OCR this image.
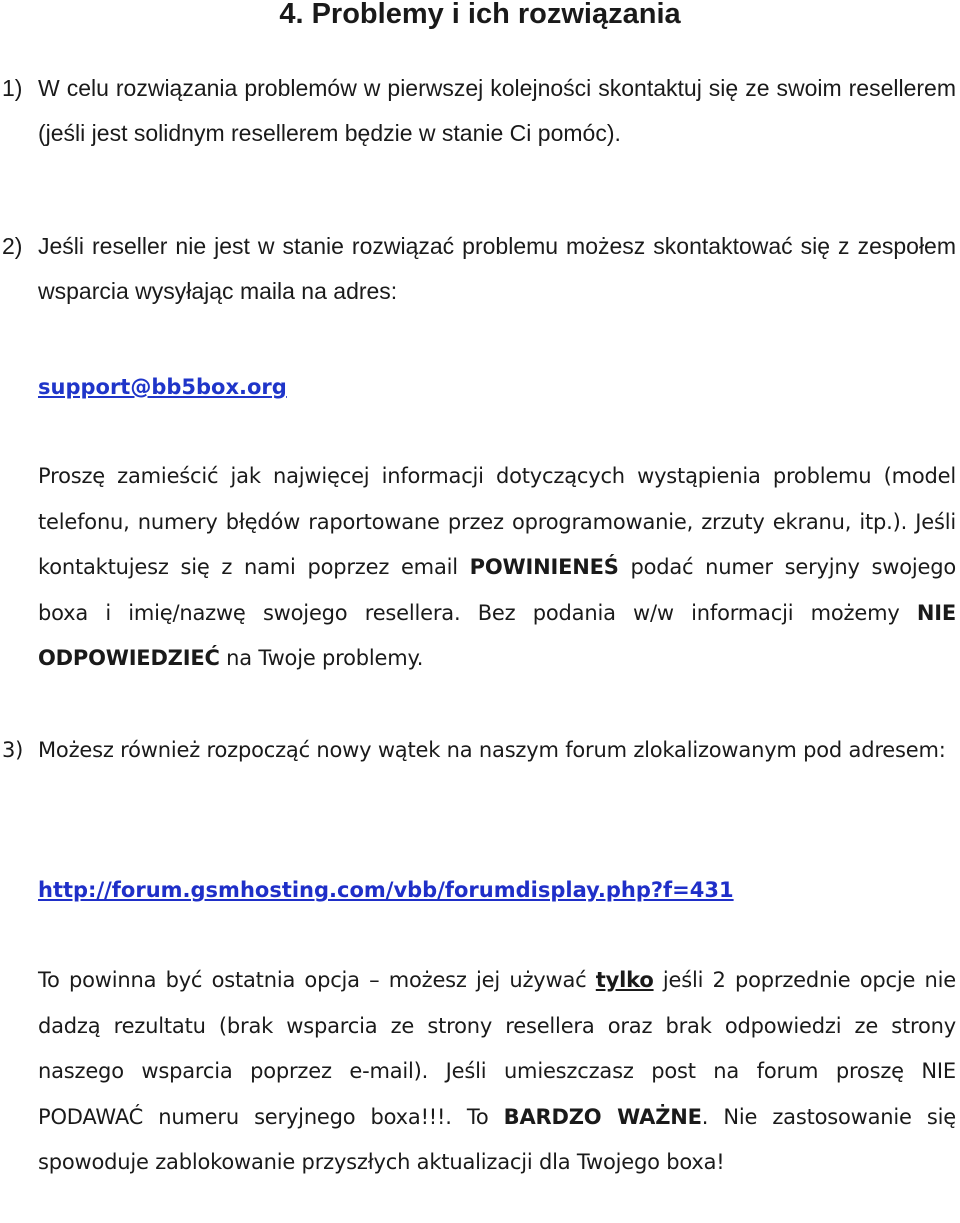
4. Problemy i ich rozwiązania

1) W celu rozwiązania problemów w pierwszej kolejności skontaktuj się ze swoim resellerem (jeśli jest solidnym resellerem będzie w stanie Ci pomóc).

2) Jeśli reseller nie jest w stanie rozwiązać problemu możesz skontaktować się z zespołem wsparcia wysyłając maila na adres:

support@bb5box.org

Proszę zamieścić jak najwięcej informacji dotyczących wystąpienia problemu (model telefonu, numery błędów raportowane przez oprogramowanie, zrzuty ekranu, itp.). Jeśli kontaktujesz się z nami poprzez email POWINIENEŚ podać numer seryjny swojego boxa i imię/nazwę swojego resellera. Bez podania w/w informacji możemy NIE ODPOWIEDZIEĆ na Twoje problemy.

3) Możesz również rozpocząć nowy wątek na naszym forum zlokalizowanym pod adresem:

http://forum.gsmhosting.com/vbb/forumdisplay.php?f=431

To powinna być ostatnia opcja – możesz jej używać tylko jeśli 2 poprzednie opcje nie dadzą rezultatu (brak wsparcia ze strony resellera oraz brak odpowiedzi ze strony naszego wsparcia poprzez e-mail). Jeśli umieszczasz post na forum proszę NIE PODAWAĆ numeru seryjnego boxa!!!. To BARDZO WAŻNE. Nie zastosowanie się spowoduje zablokowanie przyszłych aktualizacji dla Twojego boxa!
